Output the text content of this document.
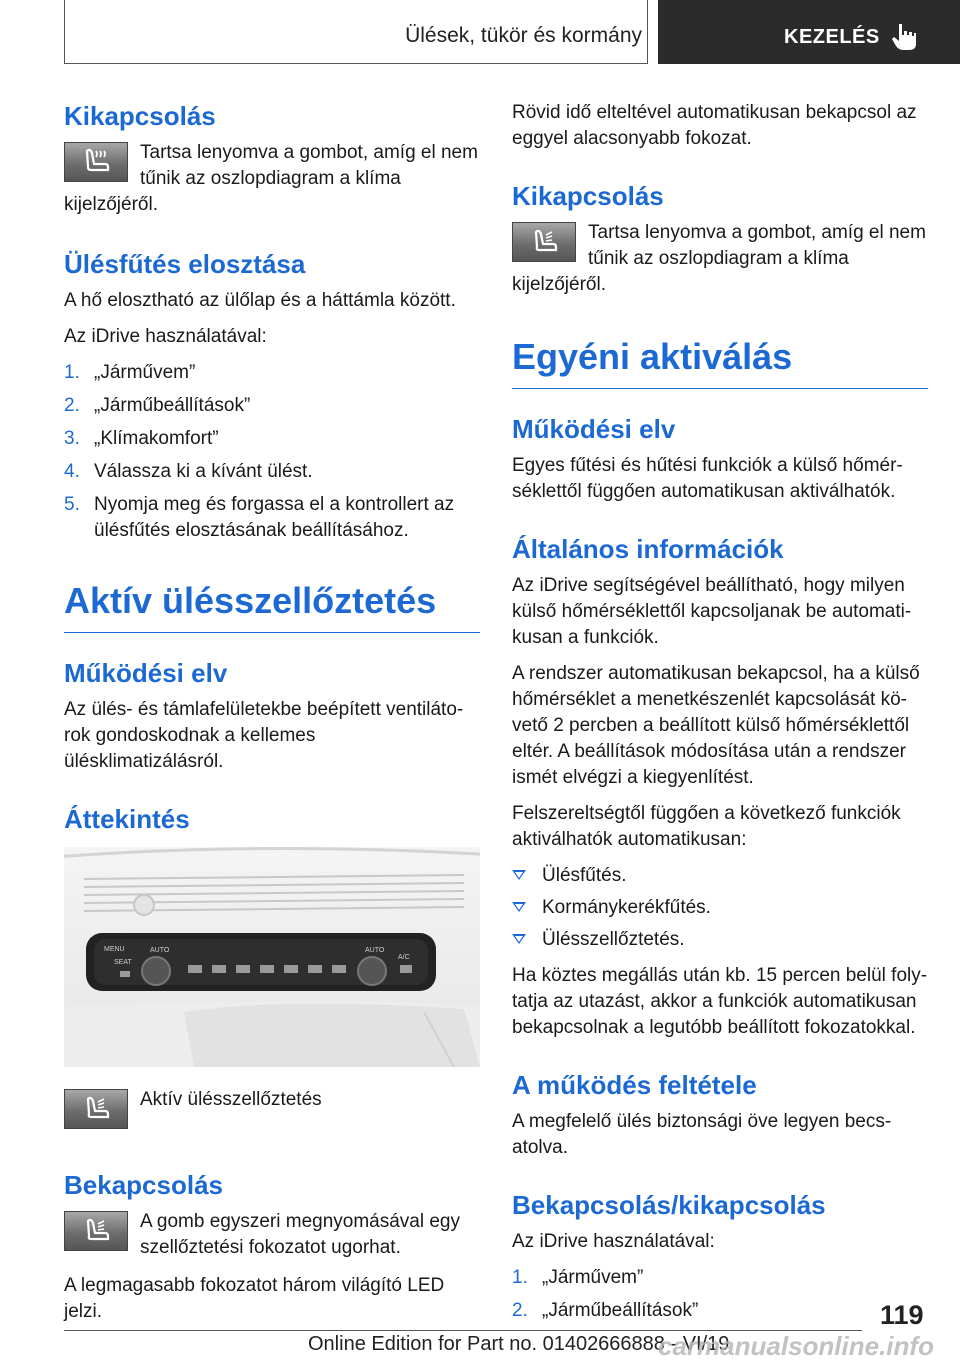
Ülések, tükör és kormány	KEZELÉS
Kikapcsolás

Tartsa lenyomva a gombot, amíg el nem tűnik az oszlopdiagram a klíma kijelzőjéről.

Ülésfűtés elosztása

A hő elosztható az ülőlap és a háttámla között.

Az iDrive használatával:

1. „Járművem”
2. „Járműbeállítások”
3. „Klímakomfort”
4. Válassza ki a kívánt ülést.
5. Nyomja meg és forgassa el a kontrollert az ülésfűtés elosztásának beállításához.
Aktív ülésszellőztetés
Működési elv

Az ülés- és támlafelületekbe beépített ventilátorok gondoskodnak a kellemes ülésklimatizálásról.

Áttekintés
MENU
SEAT
AUTO	AUTO
A/C

Aktív ülésszellőztetés

Bekapcsolás

A gomb egyszeri megnyomásával egy szellőztetési fokozatot ugorhat.

A legmagasabb fokozatot három világító LED jelzi.

Rövid idő elteltével automatikusan bekapcsol az eggyel alacsonyabb fokozat.

Kikapcsolás

Tartsa lenyomva a gombot, amíg el nem tűnik az oszlopdiagram a klíma kijelzőjéről.

Egyéni aktiválás
Működési elv

Egyes fűtési és hűtési funkciók a külső hőmérséklettől függően automatikusan aktiválhatók.

Általános információk

Az iDrive segítségével beállítható, hogy milyen külső hőmérséklettől kapcsoljanak be automatikusan a funkciók.

A rendszer automatikusan bekapcsol, ha a külső hőmérséklet a menetkészenlét kapcsolását követő 2 percben a beállított külső hőmérséklettől eltér. A beállítások módosítása után a rendszer ismét elvégzi a kiegyenlítést.

Felszereltségtől függően a következő funkciók aktiválhatók automatikusan:

Ülésfűtés.
Kormánykerékfűtés.
Ülésszellőztetés.

Ha köztes megállás után kb. 15 percen belül folytatja az utazást, akkor a funkciók automatikusan bekapcsolnak a legutóbb beállított fokozatokkal.

A működés feltétele

A megfelelő ülés biztonsági öve legyen becsatolva.

Bekapcsolás/kikapcsolás

Az iDrive használatával:

1. „Járművem”
2. „Járműbeállítások”	119
Online Edition for Part no. 01402666888 - VI/19
carmanualsonline.info
